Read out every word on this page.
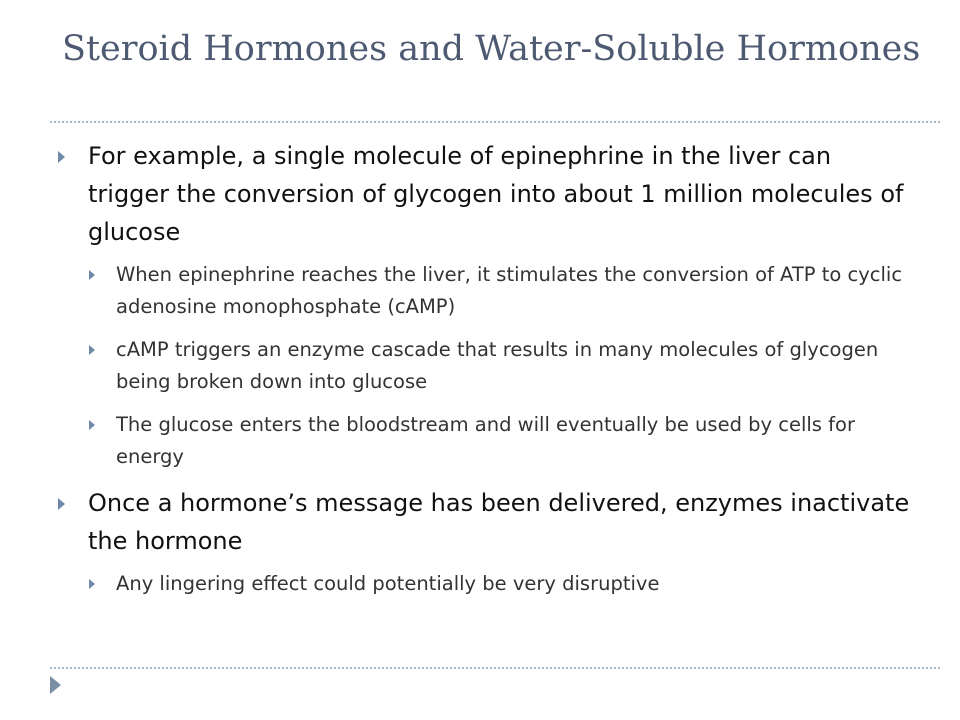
Steroid Hormones and Water-Soluble Hormones
For example, a single molecule of epinephrine in the liver can trigger the conversion of glycogen into about 1 million molecules of glucose
When epinephrine reaches the liver, it stimulates the conversion of ATP to cyclic adenosine monophosphate (cAMP)
cAMP triggers an enzyme cascade that results in many molecules of glycogen being broken down into glucose
The glucose enters the bloodstream and will eventually be used by cells for energy
Once a hormone’s message has been delivered, enzymes inactivate the hormone
Any lingering effect could potentially be very disruptive
